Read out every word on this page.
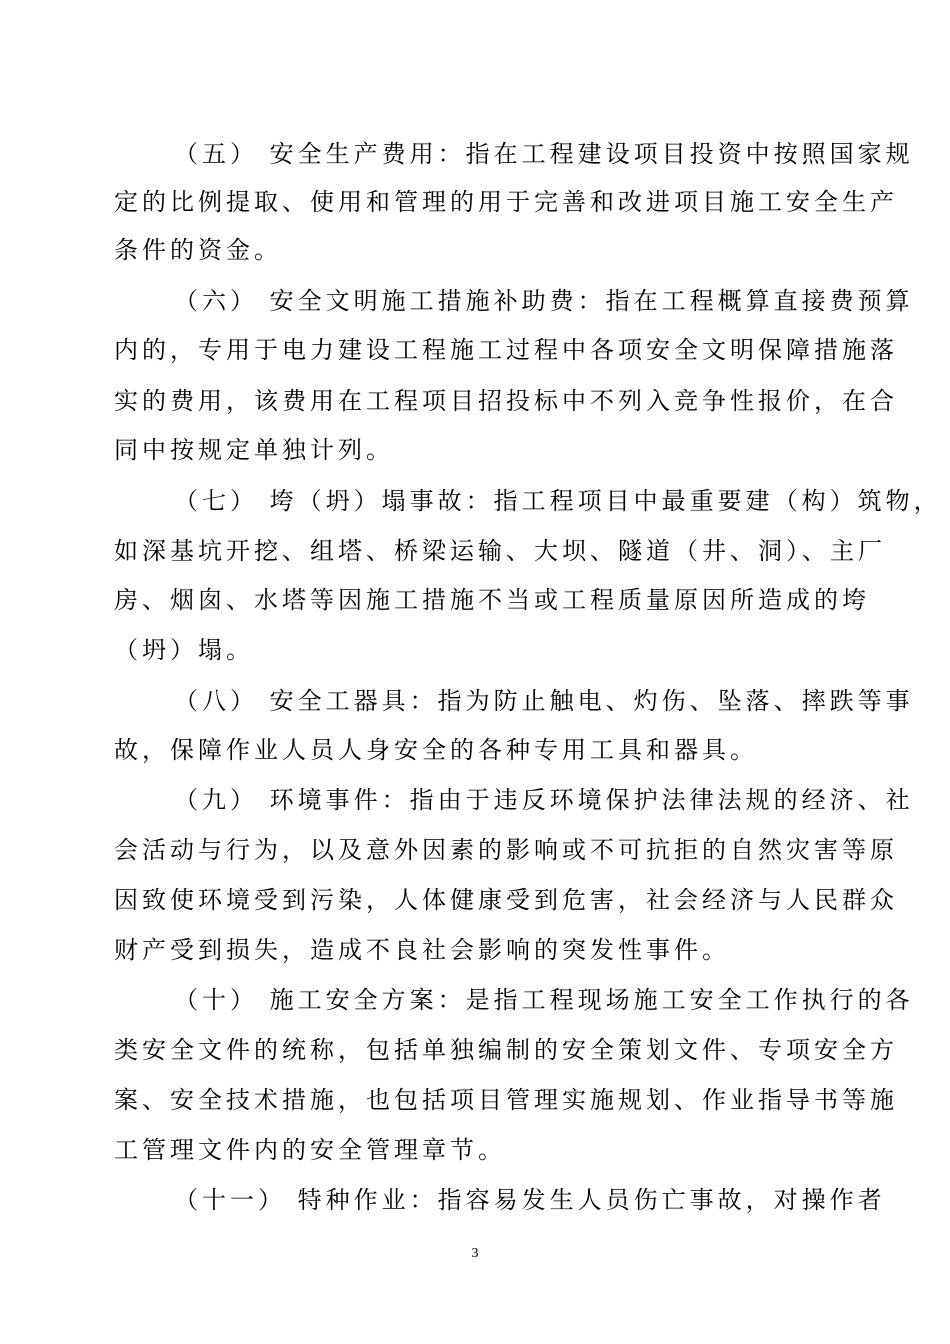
（五） 安全生产费用：指在工程建设项目投资中按照国家规
定的比例提取、使用和管理的用于完善和改进项目施工安全生产
条件的资金。
（六） 安全文明施工措施补助费：指在工程概算直接费预算
内的，专用于电力建设工程施工过程中各项安全文明保障措施落
实的费用，该费用在工程项目招投标中不列入竞争性报价，在合
同中按规定单独计列。
（七） 垮（坍）塌事故：指工程项目中最重要建（构）筑物，
如深基坑开挖、组塔、桥梁运输、大坝、隧道（井、洞）、主厂
房、烟囱、水塔等因施工措施不当或工程质量原因所造成的垮
（坍）塌。
（八） 安全工器具：指为防止触电、灼伤、坠落、摔跌等事
故，保障作业人员人身安全的各种专用工具和器具。
（九） 环境事件：指由于违反环境保护法律法规的经济、社
会活动与行为，以及意外因素的影响或不可抗拒的自然灾害等原
因致使环境受到污染，人体健康受到危害，社会经济与人民群众
财产受到损失，造成不良社会影响的突发性事件。
（十） 施工安全方案：是指工程现场施工安全工作执行的各
类安全文件的统称，包括单独编制的安全策划文件、专项安全方
案、安全技术措施，也包括项目管理实施规划、作业指导书等施
工管理文件内的安全管理章节。
（十一） 特种作业：指容易发生人员伤亡事故，对操作者
3
